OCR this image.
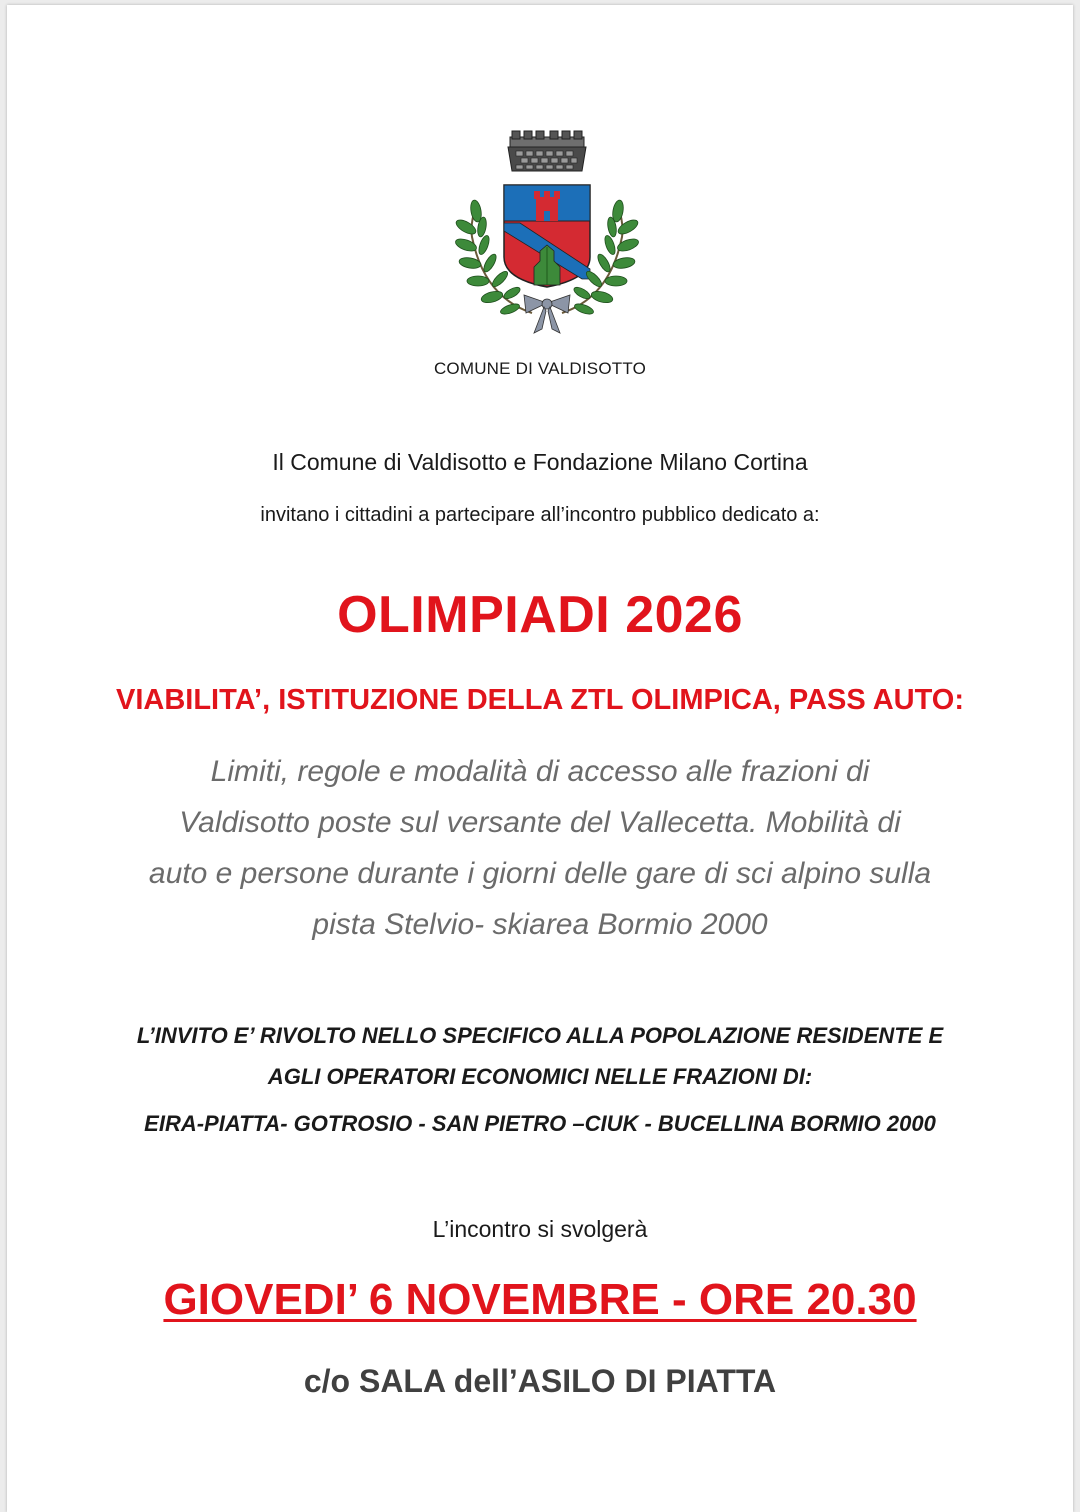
COMUNE DI VALDISOTTO
Il Comune di Valdisotto e Fondazione Milano Cortina
invitano i cittadini a partecipare all’incontro pubblico dedicato a:
OLIMPIADI 2026
VIABILITA’, ISTITUZIONE DELLA ZTL OLIMPICA, PASS AUTO:
Limiti, regole e modalità di accesso alle frazioni di
Valdisotto poste sul versante del Vallecetta. Mobilità di
auto e persone durante i giorni delle gare di sci alpino sulla
pista Stelvio- skiarea Bormio 2000
L’INVITO E’ RIVOLTO NELLO SPECIFICO ALLA POPOLAZIONE RESIDENTE E
AGLI OPERATORI ECONOMICI NELLE FRAZIONI DI:
EIRA-PIATTA- GOTROSIO - SAN PIETRO –CIUK - BUCELLINA BORMIO 2000
L’incontro si svolgerà
GIOVEDI’ 6 NOVEMBRE - ORE 20.30
c/o SALA dell’ASILO DI PIATTA
